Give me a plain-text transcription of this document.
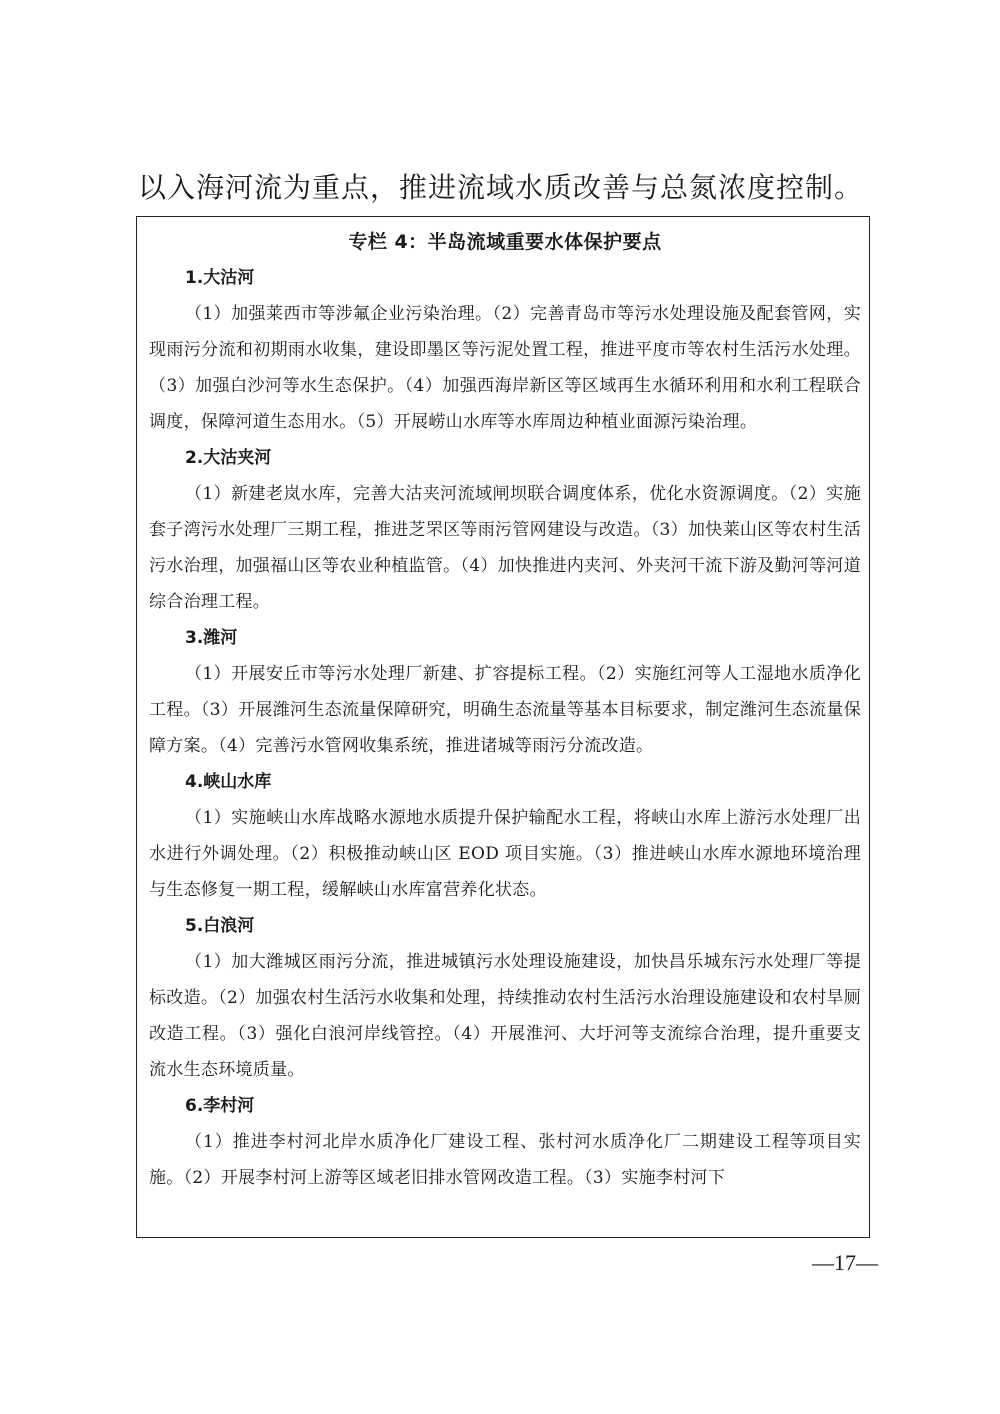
以入海河流为重点，推进流域水质改善与总氮浓度控制。
专栏 4：半岛流域重要水体保护要点

1.大沽河

（1）加强莱西市等涉氟企业污染治理。（2）完善青岛市等污水处理设施及配套管网，实现雨污分流和初期雨水收集，建设即墨区等污泥处置工程，推进平度市等农村生活污水处理。（3）加强白沙河等水生态保护。（4）加强西海岸新区等区域再生水循环利用和水利工程联合调度，保障河道生态用水。（5）开展崂山水库等水库周边种植业面源污染治理。

2.大沽夹河

（1）新建老岚水库，完善大沽夹河流域闸坝联合调度体系，优化水资源调度。（2）实施套子湾污水处理厂三期工程，推进芝罘区等雨污管网建设与改造。（3）加快莱山区等农村生活污水治理，加强福山区等农业种植监管。（4）加快推进内夹河、外夹河干流下游及勤河等河道综合治理工程。

3.潍河

（1）开展安丘市等污水处理厂新建、扩容提标工程。（2）实施红河等人工湿地水质净化工程。（3）开展潍河生态流量保障研究，明确生态流量等基本目标要求，制定潍河生态流量保障方案。（4）完善污水管网收集系统，推进诸城等雨污分流改造。

4.峡山水库

（1）实施峡山水库战略水源地水质提升保护输配水工程，将峡山水库上游污水处理厂出水进行外调处理。（2）积极推动峡山区 EOD 项目实施。（3）推进峡山水库水源地环境治理与生态修复一期工程，缓解峡山水库富营养化状态。

5.白浪河

（1）加大潍城区雨污分流，推进城镇污水处理设施建设，加快昌乐城东污水处理厂等提标改造。（2）加强农村生活污水收集和处理，持续推动农村生活污水治理设施建设和农村旱厕改造工程。（3）强化白浪河岸线管控。（4）开展淮河、大圩河等支流综合治理，提升重要支流水生态环境质量。

6.李村河

（1）推进李村河北岸水质净化厂建设工程、张村河水质净化厂二期建设工程等项目实施。（2）开展李村河上游等区域老旧排水管网改造工程。（3）实施李村河下

—17—
